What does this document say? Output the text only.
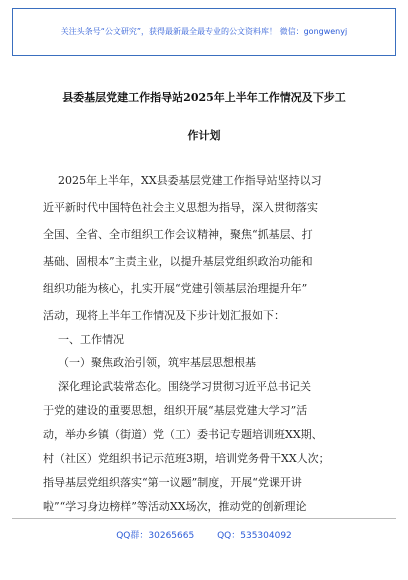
关注头条号“公文研究”，获得最新最全最专业的公文资料库！ 微信：gongwenyj
县委基层党建工作指导站2025年上半年工作情况及下步工
作计划
2025年上半年，XX县委基层党建工作指导站坚持以习
近平新时代中国特色社会主义思想为指导，深入贯彻落实
全国、全省、全市组织工作会议精神，聚焦“抓基层、打
基础、固根本”主责主业，以提升基层党组织政治功能和
组织功能为核心，扎实开展“党建引领基层治理提升年”
活动，现将上半年工作情况及下步计划汇报如下：
一、工作情况
（一）聚焦政治引领，筑牢基层思想根基
深化理论武装常态化。围绕学习贯彻习近平总书记关
于党的建设的重要思想，组织开展“基层党建大学习”活
动，举办乡镇（街道）党（工）委书记专题培训班XX期、
村（社区）党组织书记示范班3期，培训党务骨干XX人次；
指导基层党组织落实“第一议题”制度，开展“党课开讲
啦”“学习身边榜样”等活动XX场次，推动党的创新理论
QQ群：30265665	QQ：535304092
